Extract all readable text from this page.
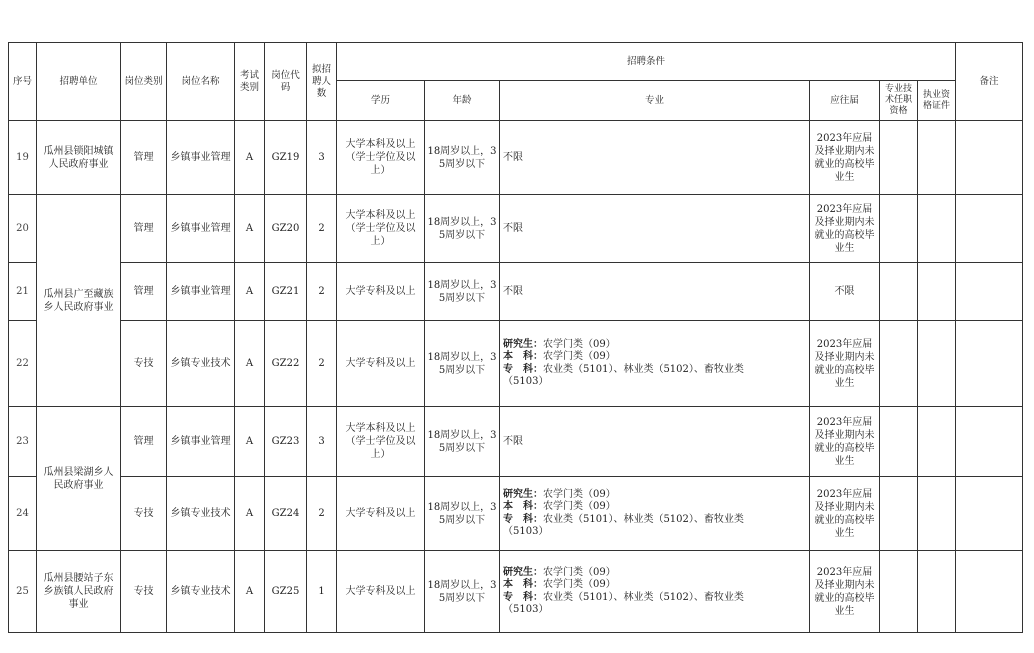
序号	招聘单位	岗位类别	岗位名称	考试类别	岗位代码	拟招聘人数	招聘条件						备注
							学历	年龄	专业	应往届	专业技术任职资格	执业资格证件	
19	瓜州县锁阳城镇人民政府事业	管理	乡镇事业管理	A	GZ19	3	大学本科及以上（学士学位及以上）	18周岁以上，35周岁以下	不限	2023年应届及择业期内未就业的高校毕业生			
20	瓜州县广至藏族乡人民政府事业	管理	乡镇事业管理	A	GZ20	2	大学本科及以上（学士学位及以上）	18周岁以上，35周岁以下	不限	2023年应届及择业期内未就业的高校毕业生			
21		管理	乡镇事业管理	A	GZ21	2	大学专科及以上	18周岁以上，35周岁以下	不限	不限			
22		专技	乡镇专业技术	A	GZ22	2	大学专科及以上	18周岁以上，35周岁以下	研究生：农学门类（09）
本　科：农学门类（09）
专　科：农业类（5101）、林业类（5102）、畜牧业类
（5103）	2023年应届及择业期内未就业的高校毕业生			
23	瓜州县梁湖乡人民政府事业	管理	乡镇事业管理	A	GZ23	3	大学本科及以上（学士学位及以上）	18周岁以上，35周岁以下	不限	2023年应届及择业期内未就业的高校毕业生			
24		专技	乡镇专业技术	A	GZ24	2	大学专科及以上	18周岁以上，35周岁以下	研究生：农学门类（09）
本　科：农学门类（09）
专　科：农业类（5101）、林业类（5102）、畜牧业类
（5103）	2023年应届及择业期内未就业的高校毕业生			
25	瓜州县腰站子东乡族镇人民政府事业	专技	乡镇专业技术	A	GZ25	1	大学专科及以上	18周岁以上，35周岁以下	研究生：农学门类（09）
本　科：农学门类（09）
专　科：农业类（5101）、林业类（5102）、畜牧业类
（5103）	2023年应届及择业期内未就业的高校毕业生			
